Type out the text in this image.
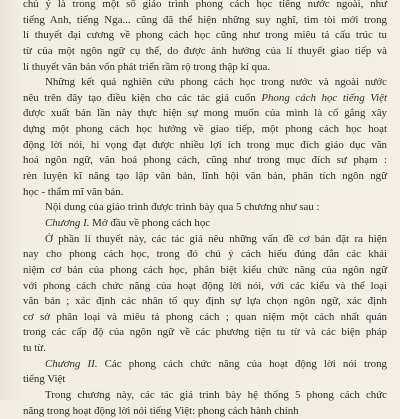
chủ ý là trong một số giáo trình phong cách học tiếng nước ngoài, như
tiếng Anh, tiếng Nga... cũng đã thể hiện những suy nghĩ, tìm tòi mới trong
lí thuyết đại cương về phong cách học cũng như trong miêu tả cấu trúc tu
từ của một ngôn ngữ cụ thể, do được ảnh hưởng của lí thuyết giao tiếp và
lí thuyết văn bản vốn phát triển rầm rộ trong thập kỉ qua.
Những kết quả nghiên cứu phong cách học trong nước và ngoài nước
nêu trên đây tạo điều kiện cho các tác giả cuốn Phong cách học tiếng Việt
được xuất bản lần này thực hiện sự mong muốn của mình là cố gắng xây
dựng một phong cách học hướng về giao tiếp, một phong cách học hoạt
động lời nói, hi vọng đạt được nhiều lợi ích trong mục đích giáo dục văn
hoá ngôn ngữ, văn hoá phong cách, cũng như trong mục đích sư phạm :
rèn luyện kĩ năng tạo lập văn bản, lĩnh hội văn bản, phân tích ngôn ngữ
học - thẩm mĩ văn bản.
Nội dung của giáo trình được trình bày qua 5 chương như sau :
Chương I. Mở đầu về phong cách học
Ở phần lí thuyết này, các tác giả nêu những vấn đề cơ bản đặt ra hiện
nay cho phong cách học, trong đó chú ý cách hiểu đúng đắn các khái
niệm cơ bản của phong cách học, phân biệt kiểu chức năng của ngôn ngữ
với phong cách chức năng của hoạt động lời nói, với các kiểu và thể loại
văn bản ; xác định các nhân tố quy định sự lựa chọn ngôn ngữ, xác định
cơ sở phân loại và miêu tả phong cách ; quan niệm một cách nhất quán
trong các cấp độ của ngôn ngữ về các phương tiện tu từ và các biện pháp
tu từ.
Chương II. Các phong cách chức năng của hoạt động lời nói trong
tiếng Việt
Trong chương này, các tác giả trình bày hệ thống 5 phong cách chức
năng trong hoạt động lời nói tiếng Việt: phong cách hành chính
